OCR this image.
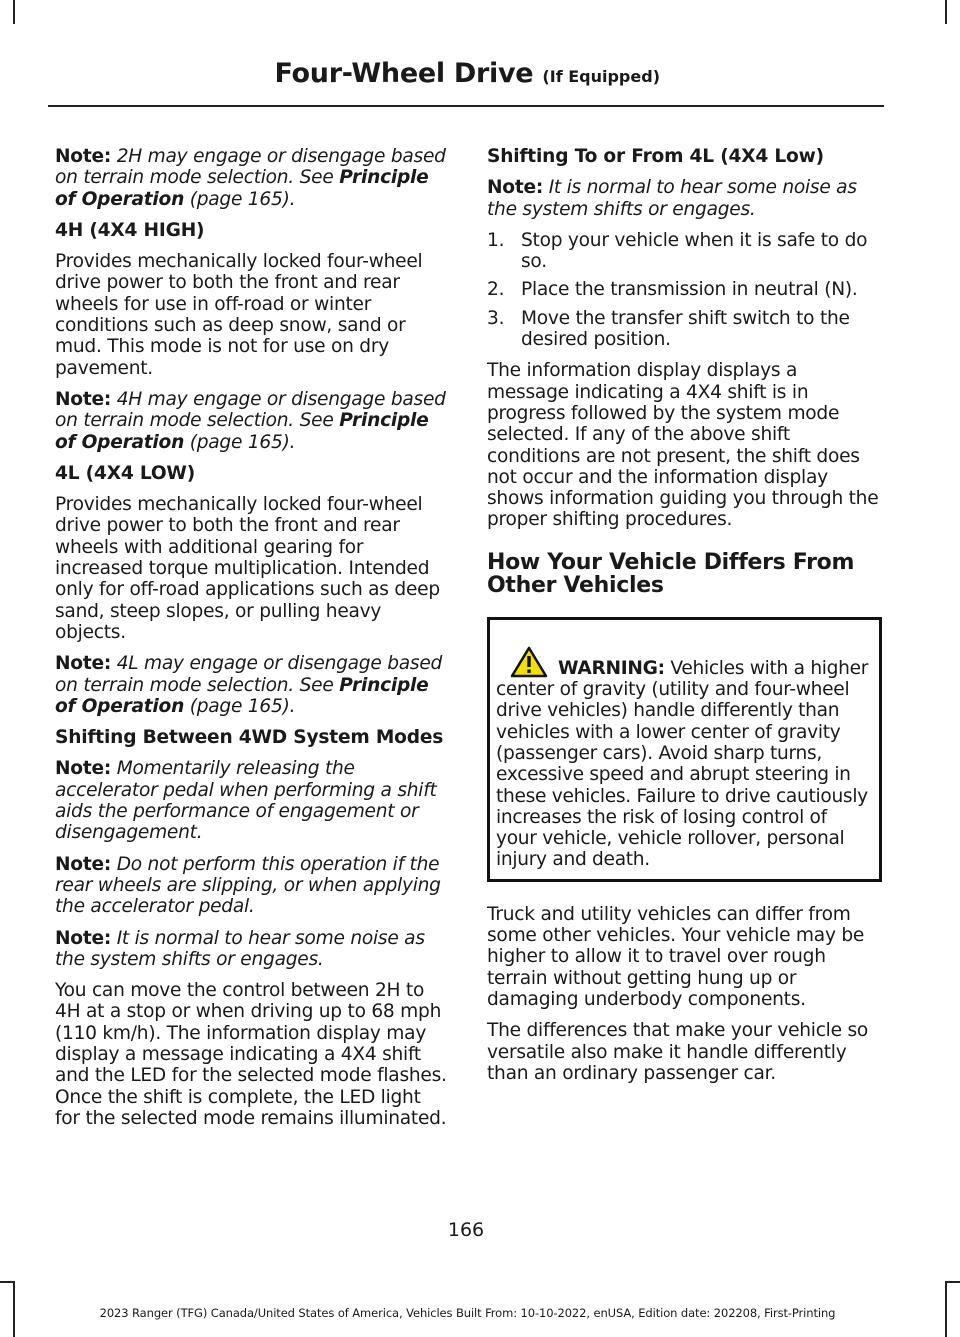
Four-Wheel Drive (If Equipped)

Note: 2H may engage or disengage based on terrain mode selection. See Principle of Operation (page 165).

4H (4X4 HIGH)

Provides mechanically locked four-wheel drive power to both the front and rear wheels for use in off-road or winter conditions such as deep snow, sand or mud. This mode is not for use on dry pavement.

Note: 4H may engage or disengage based on terrain mode selection. See Principle of Operation (page 165).

4L (4X4 LOW)

Provides mechanically locked four-wheel drive power to both the front and rear wheels with additional gearing for increased torque multiplication. Intended only for off-road applications such as deep sand, steep slopes, or pulling heavy objects.

Note: 4L may engage or disengage based on terrain mode selection. See Principle of Operation (page 165).

Shifting Between 4WD System Modes

Note: Momentarily releasing the accelerator pedal when performing a shift aids the performance of engagement or disengagement.

Note: Do not perform this operation if the rear wheels are slipping, or when applying the accelerator pedal.

Note: It is normal to hear some noise as the system shifts or engages.

You can move the control between 2H to 4H at a stop or when driving up to 68 mph (110 km/h). The information display may display a message indicating a 4X4 shift and the LED for the selected mode flashes. Once the shift is complete, the LED light for the selected mode remains illuminated.

Shifting To or From 4L (4X4 Low)

Note: It is normal to hear some noise as the system shifts or engages.

1. Stop your vehicle when it is safe to do so.
2. Place the transmission in neutral (N).
3. Move the transfer shift switch to the desired position.

The information display displays a message indicating a 4X4 shift is in progress followed by the system mode selected. If any of the above shift conditions are not present, the shift does not occur and the information display shows information guiding you through the proper shifting procedures.

How Your Vehicle Differs From Other Vehicles
WARNING: Vehicles with a higher center of gravity (utility and four-wheel drive vehicles) handle differently than vehicles with a lower center of gravity (passenger cars). Avoid sharp turns, excessive speed and abrupt steering in these vehicles. Failure to drive cautiously increases the risk of losing control of your vehicle, vehicle rollover, personal injury and death.

Truck and utility vehicles can differ from some other vehicles. Your vehicle may be higher to allow it to travel over rough terrain without getting hung up or damaging underbody components.

The differences that make your vehicle so versatile also make it handle differently than an ordinary passenger car.

166
2023 Ranger (TFG) Canada/United States of America, Vehicles Built From: 10-10-2022, enUSA, Edition date: 202208, First-Printing
